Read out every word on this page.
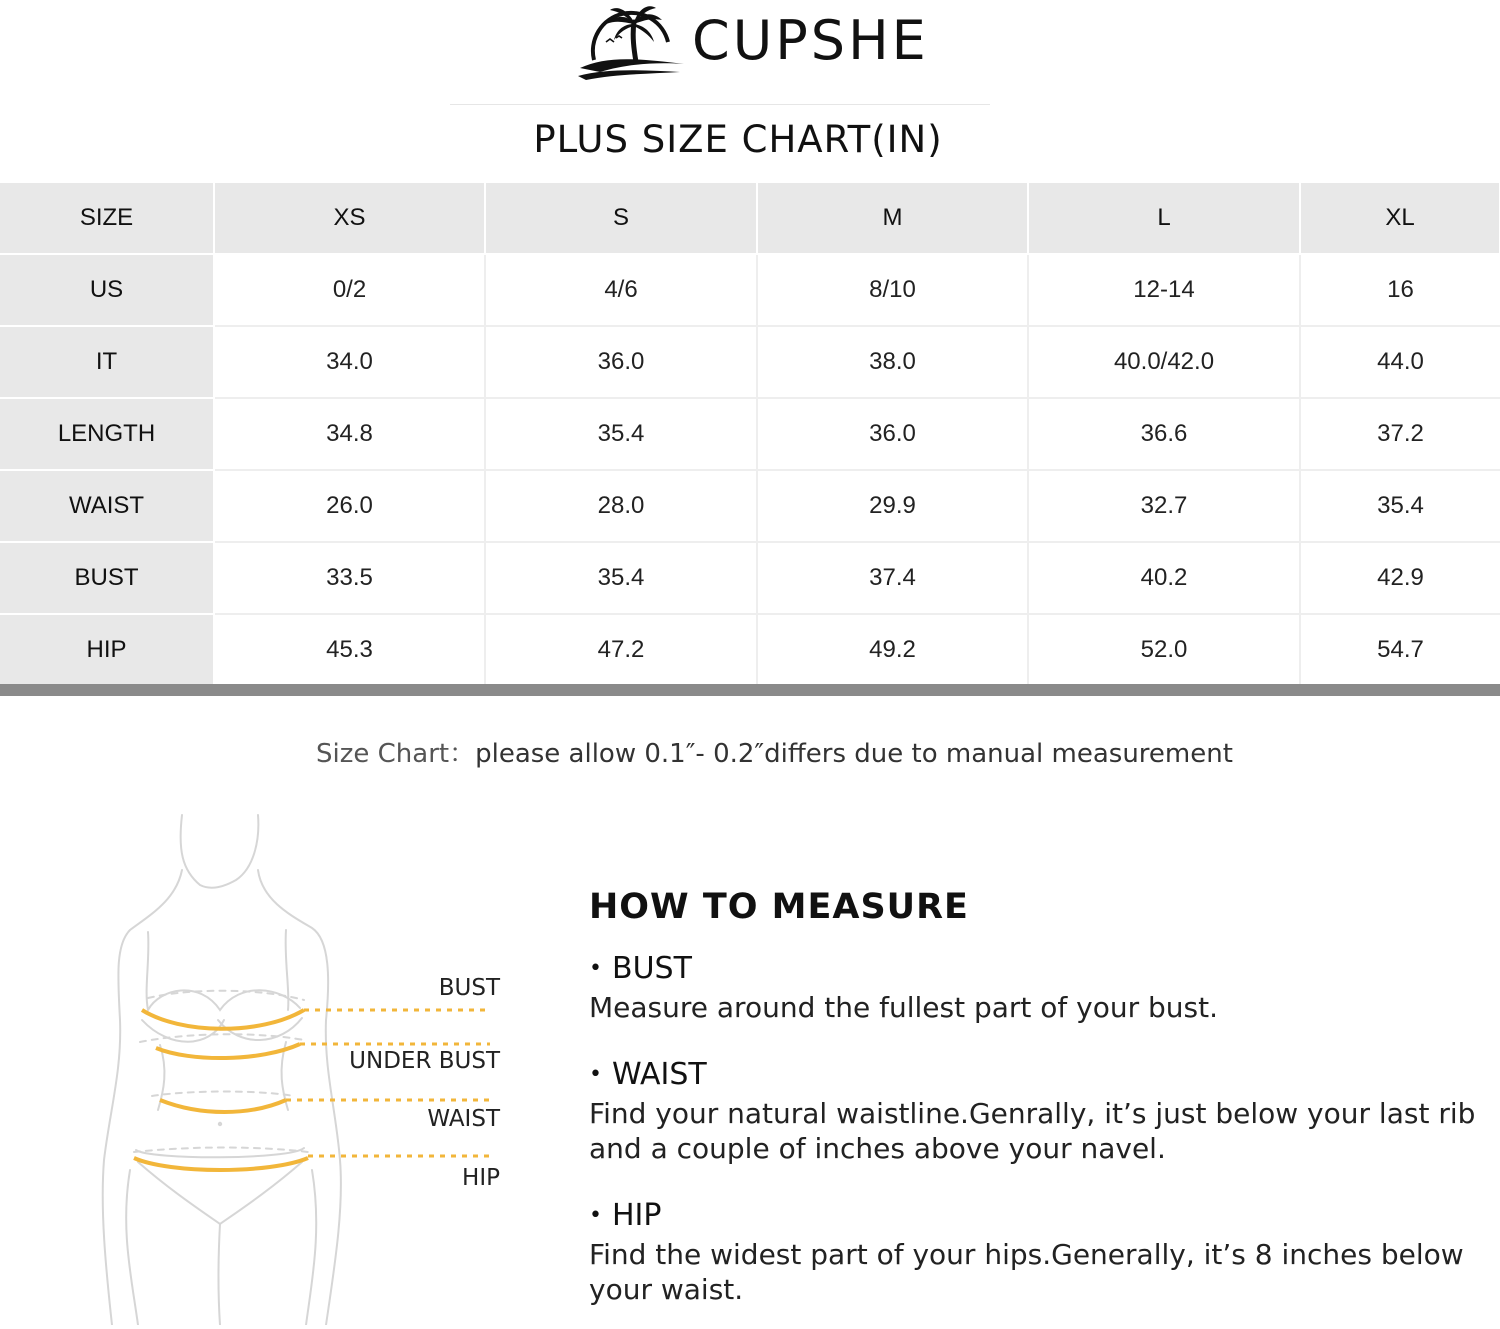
CUPSHE
PLUS SIZE CHART(IN)
SIZE	XS	S	M	L	XL
US	0/2	4/6	8/10	12-14	16
IT	34.0	36.0	38.0	40.0/42.0	44.0
LENGTH	34.8	35.4	36.0	36.6	37.2
WAIST	26.0	28.0	29.9	32.7	35.4
BUST	33.5	35.4	37.4	40.2	42.9
HIP	45.3	47.2	49.2	52.0	54.7
Size Chart：please allow 0.1″- 0.2″differs due to manual measurement
BUST
UNDER BUST
WAIST
HIP
HOW TO MEASURE
• BUST
Measure around the fullest part of your bust.
• WAIST
Find your natural waistline.Genrally, it’s just below your last rib and a couple of inches above your navel.
• HIP
Find the widest part of your hips.Generally, it’s 8 inches below your waist.
